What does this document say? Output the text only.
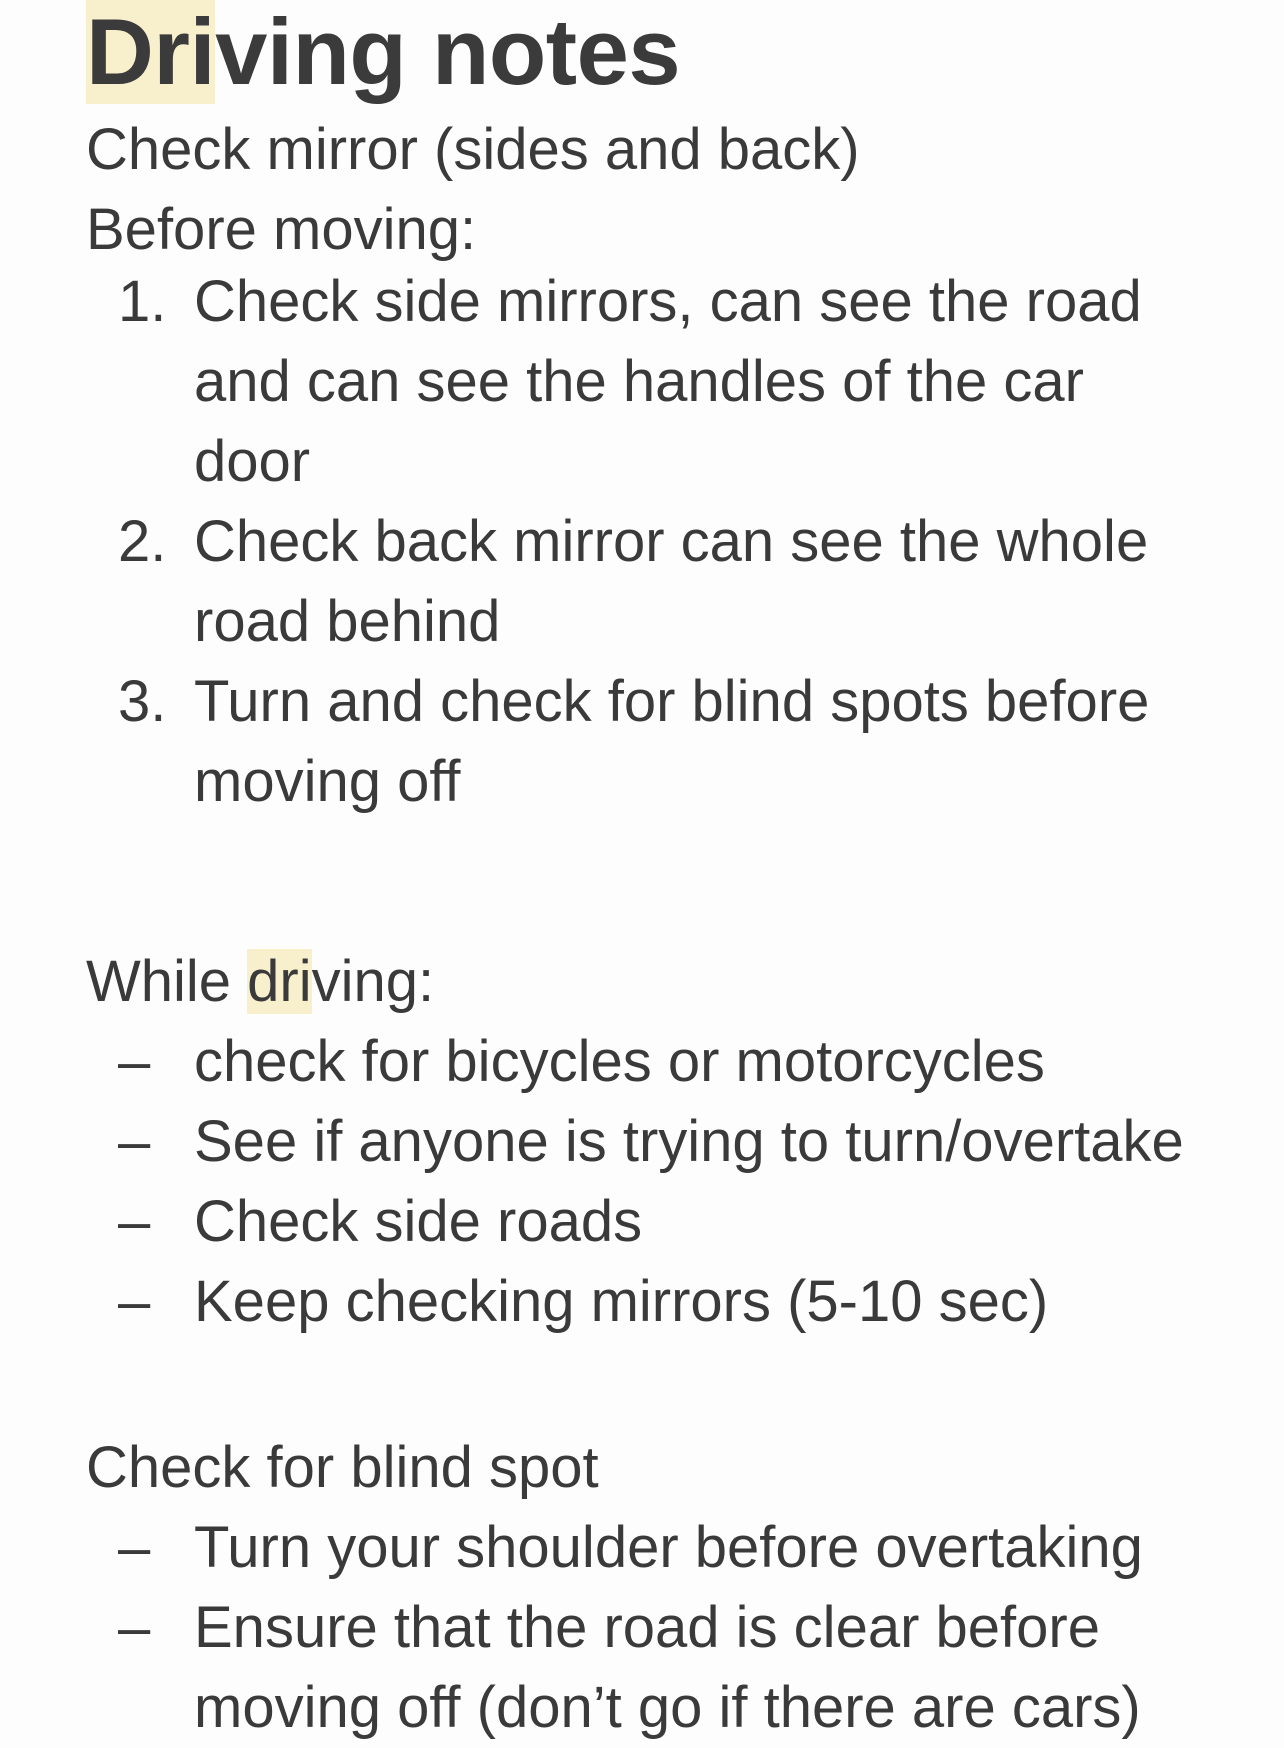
Driving notes

Check mirror (sides and back)

Before moving:

1. Check side mirrors, can see the road
and can see the handles of the car
door
2. Check back mirror can see the whole
road behind
3. Turn and check for blind spots before
moving off

While driving:

– check for bicycles or motorcycles
– See if anyone is trying to turn/overtake
– Check side roads
– Keep checking mirrors (5-10 sec)

Check for blind spot

– Turn your shoulder before overtaking
– Ensure that the road is clear before
moving off (don’t go if there are cars)
